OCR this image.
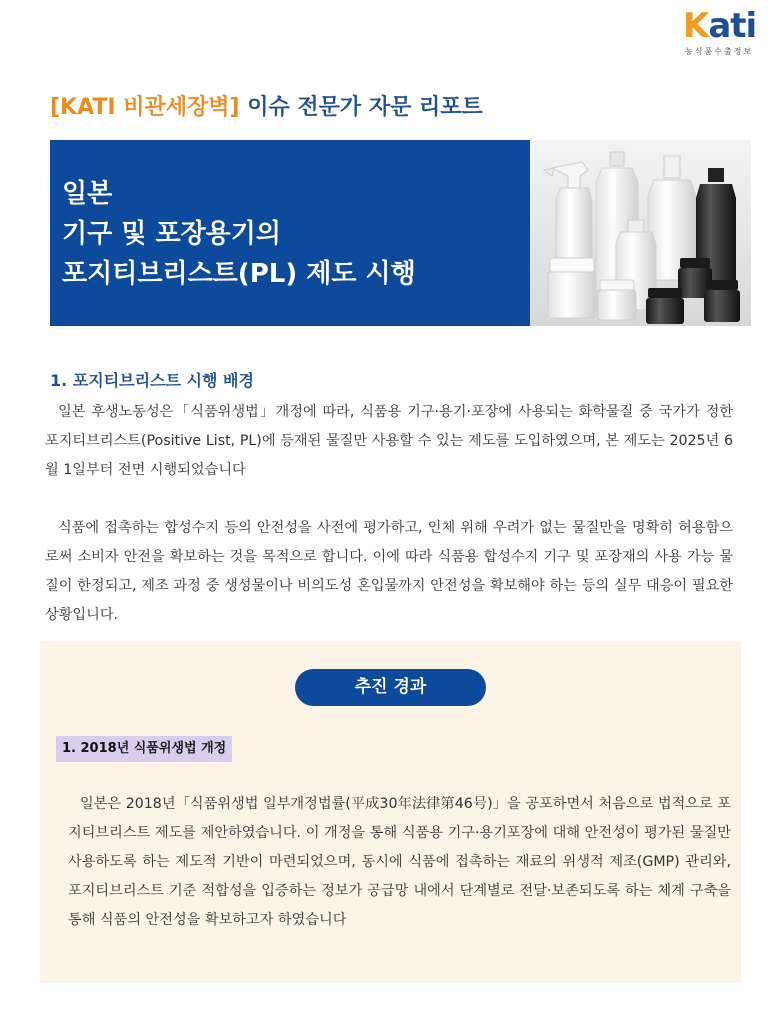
Kati
농식품수출정보
[KATI 비관세장벽] 이슈 전문가 자문 리포트
일본
기구 및 포장용기의
포지티브리스트(PL) 제도 시행
1. 포지티브리스트 시행 배경

일본 후생노동성은「식품위생법」개정에 따라, 식품용 기구·용기·포장에 사용되는 화학물질 중 국가가 정한 포지티브리스트(Positive List, PL)에 등재된 물질만 사용할 수 있는 제도를 도입하였으며, 본 제도는 2025년 6월 1일부터 전면 시행되었습니다

식품에 접촉하는 합성수지 등의 안전성을 사전에 평가하고, 인체 위해 우려가 없는 물질만을 명확히 허용함으로써 소비자 안전을 확보하는 것을 목적으로 합니다. 이에 따라 식품용 합성수지 기구 및 포장재의 사용 가능 물질이 한정되고, 제조 과정 중 생성물이나 비의도성 혼입물까지 안전성을 확보해야 하는 등의 실무 대응이 필요한 상황입니다.

추진 경과
1. 2018년 식품위생법 개정

일본은 2018년「식품위생법 일부개정법률(平成30年法律第46号)」을 공포하면서 처음으로 법적으로 포지티브리스트 제도를 제안하였습니다. 이 개정을 통해 식품용 기구·용기포장에 대해 안전성이 평가된 물질만 사용하도록 하는 제도적 기반이 마련되었으며, 동시에 식품에 접촉하는 재료의 위생적 제조(GMP) 관리와, 포지티브리스트 기준 적합성을 입증하는 정보가 공급망 내에서 단계별로 전달·보존되도록 하는 체계 구축을 통해 식품의 안전성을 확보하고자 하였습니다
